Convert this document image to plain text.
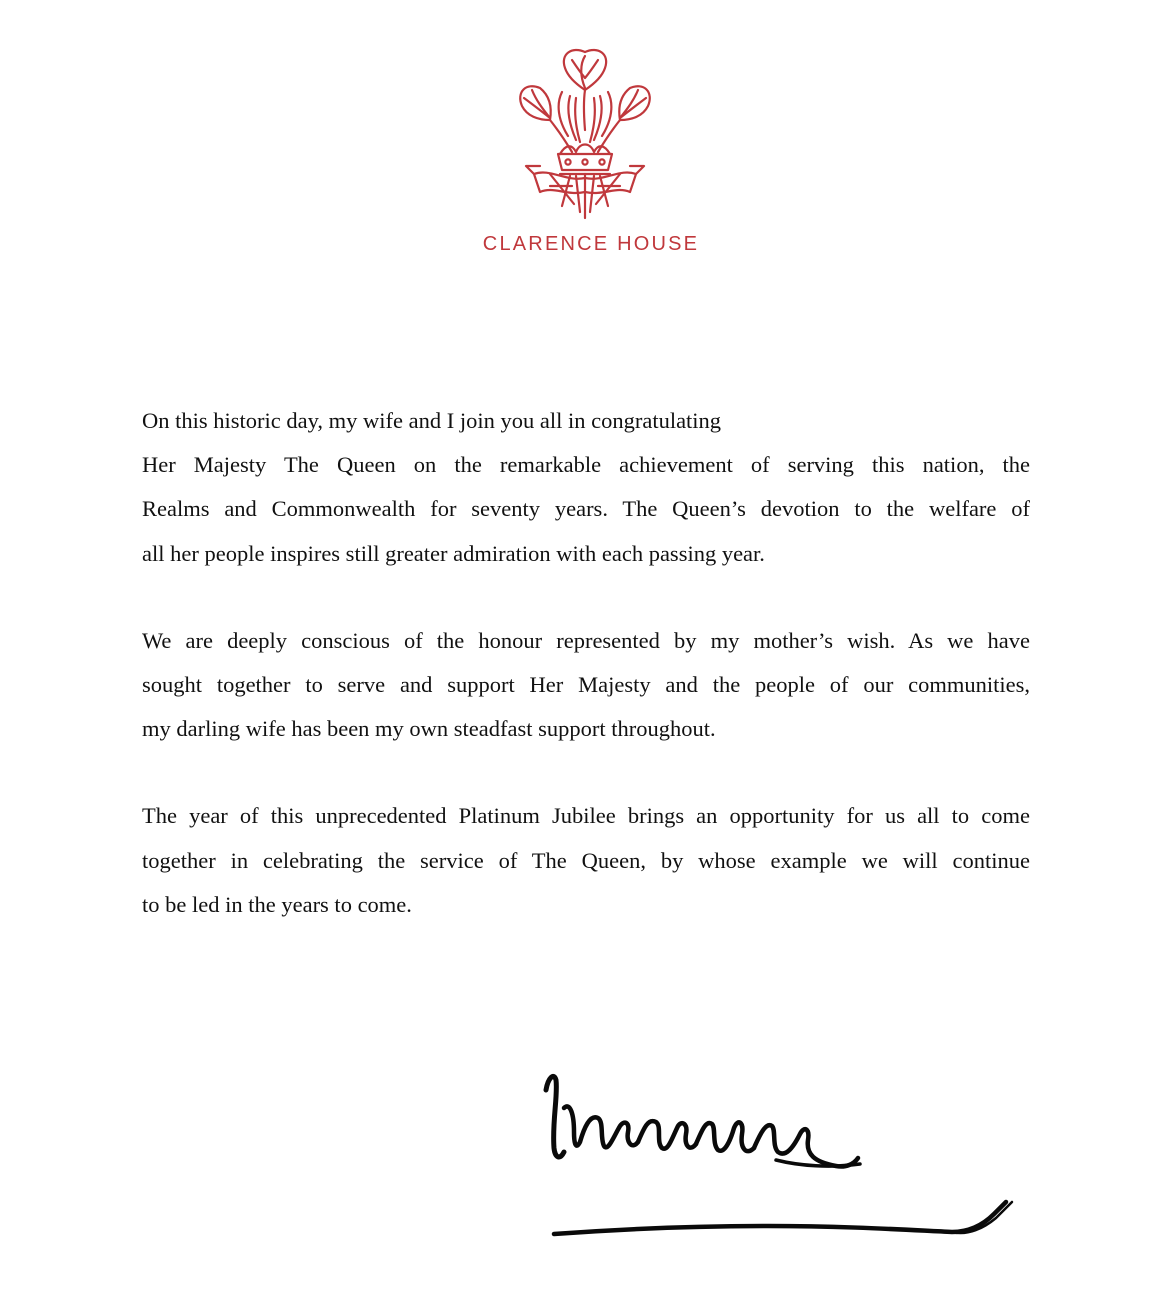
CLARENCE HOUSE

On this historic day, my wife and I join you all in congratulating
Her Majesty The Queen on the remarkable achievement of serving this nation, the
Realms and Commonwealth for seventy years. The Queen’s devotion to the welfare of
all her people inspires still greater admiration with each passing year.

We are deeply conscious of the honour represented by my mother’s wish. As we have
sought together to serve and support Her Majesty and the people of our communities,
my darling wife has been my own steadfast support throughout.

The year of this unprecedented Platinum Jubilee brings an opportunity for us all to come
together in celebrating the service of The Queen, by whose example we will continue
to be led in the years to come.
